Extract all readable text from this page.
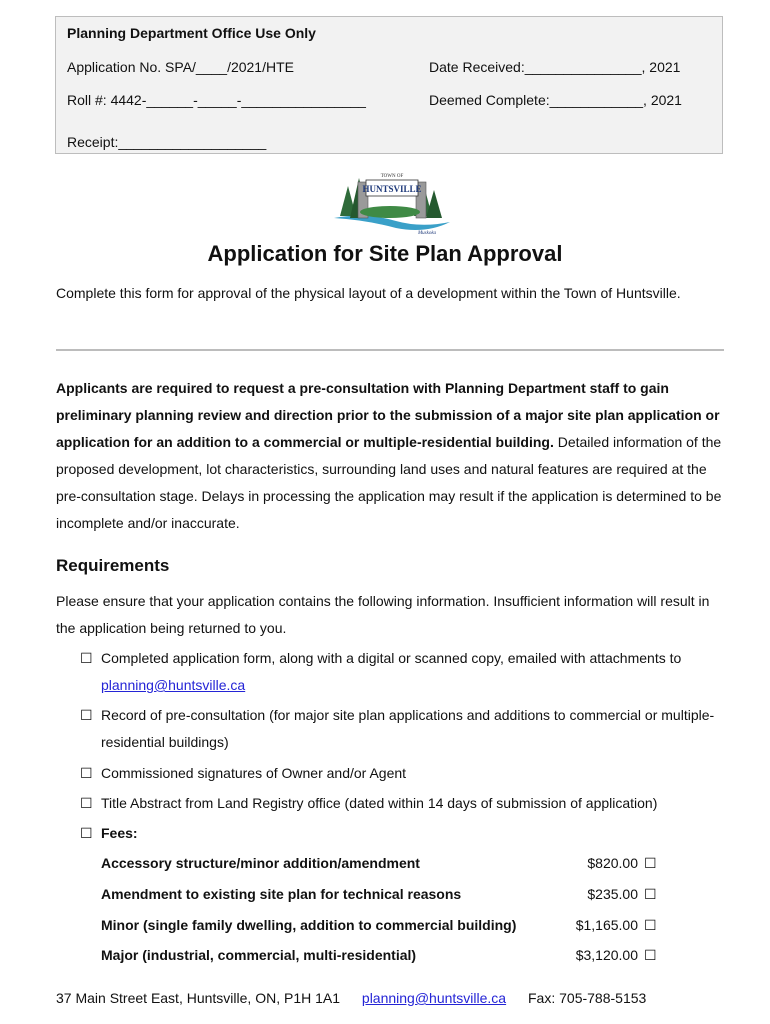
Planning Department Office Use Only
Application No. SPA/____/2021/HTE	Date Received:_______________, 2021
Roll #: 4442-______-_____-________________	Deemed Complete:____________, 2021
Receipt:___________________
TOWN OF
HUNTSVILLE
Muskoka
Application for Site Plan Approval
Complete this form for approval of the physical layout of a development within the Town of Huntsville.
Applicants are required to request a pre-consultation with Planning Department staff to gain preliminary planning review and direction prior to the submission of a major site plan application or application for an addition to a commercial or multiple-residential building. Detailed information of the proposed development, lot characteristics, surrounding land uses and natural features are required at the pre-consultation stage. Delays in processing the application may result if the application is determined to be incomplete and/or inaccurate.
Requirements
Please ensure that your application contains the following information. Insufficient information will result in the application being returned to you.
☐ Completed application form, along with a digital or scanned copy, emailed with attachments to planning@huntsville.ca
☐ Record of pre-consultation (for major site plan applications and additions to commercial or multiple-residential buildings)
☐ Commissioned signatures of Owner and/or Agent
☐ Title Abstract from Land Registry office (dated within 14 days of submission of application)
☐ Fees:
Accessory structure/minor addition/amendment	$820.00 ☐
Amendment to existing site plan for technical reasons	$235.00 ☐
Minor (single family dwelling, addition to commercial building)	$1,165.00 ☐
Major (industrial, commercial, multi-residential)	$3,120.00 ☐
37 Main Street East, Huntsville, ON, P1H 1A1 planning@huntsville.ca Fax: 705-788-5153
